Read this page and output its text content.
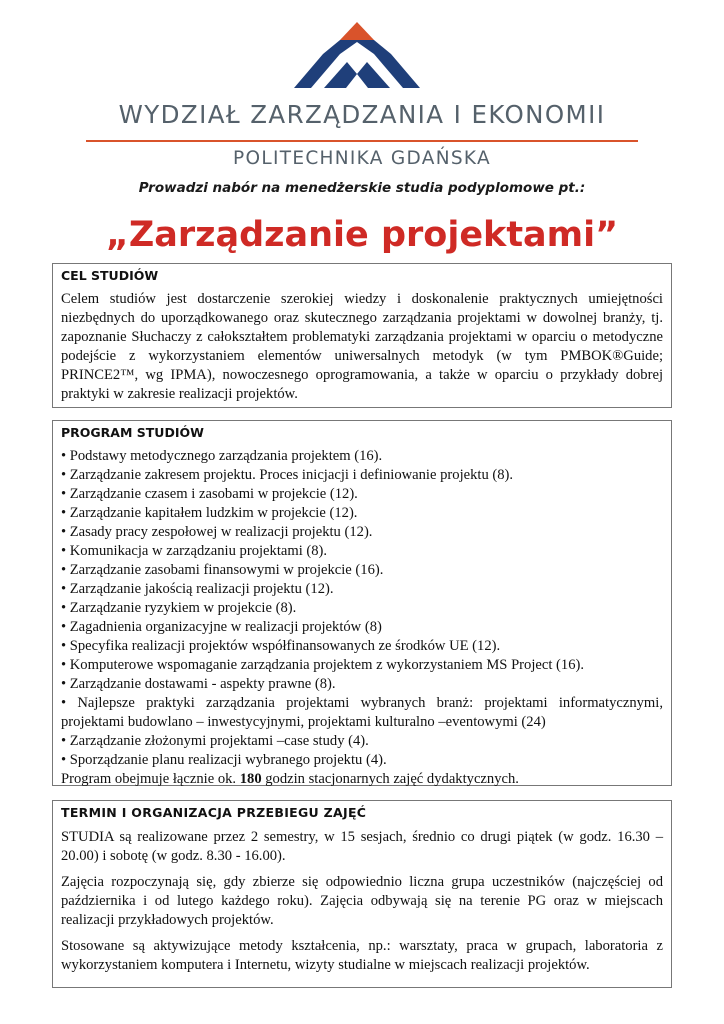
WYDZIAŁ ZARZĄDZANIA I EKONOMII
POLITECHNIKA GDAŃSKA
Prowadzi nabór na menedżerskie studia podyplomowe pt.:
„Zarządzanie projektami”
CEL STUDIÓW

Celem studiów jest dostarczenie szerokiej wiedzy i doskonalenie praktycznych umiejętności niezbędnych do uporządkowanego oraz skutecznego zarządzania projektami w dowolnej branży, tj. zapoznanie Słuchaczy z całokształtem problematyki zarządzania projektami w oparciu o metodyczne podejście z wykorzystaniem elementów uniwersalnych metodyk (w tym PMBOK®Guide; PRINCE2™, wg IPMA), nowoczesnego oprogramowania, a także w oparciu o przykłady dobrej praktyki w zakresie realizacji projektów.

PROGRAM STUDIÓW
• Podstawy metodycznego zarządzania projektem (16).
• Zarządzanie zakresem projektu. Proces inicjacji i definiowanie projektu (8).
• Zarządzanie czasem i zasobami w projekcie (12).
• Zarządzanie kapitałem ludzkim w projekcie (12).
• Zasady pracy zespołowej w realizacji projektu (12).
• Komunikacja w zarządzaniu projektami (8).
• Zarządzanie zasobami finansowymi w projekcie (16).
• Zarządzanie jakością realizacji projektu (12).
• Zarządzanie ryzykiem w projekcie (8).
• Zagadnienia organizacyjne w realizacji projektów (8)
• Specyfika realizacji projektów współfinansowanych ze środków UE (12).
• Komputerowe wspomaganie zarządzania projektem z wykorzystaniem MS Project (16).
• Zarządzanie dostawami - aspekty prawne (8).
• Najlepsze praktyki zarządzania projektami wybranych branż: projektami informatycznymi, projektami budowlano – inwestycyjnymi, projektami kulturalno –eventowymi (24)
• Zarządzanie złożonymi projektami –case study (4).
• Sporządzanie planu realizacji wybranego projektu (4).

Program obejmuje łącznie ok. 180 godzin stacjonarnych zajęć dydaktycznych.

TERMIN I ORGANIZACJA PRZEBIEGU ZAJĘĆ

STUDIA są realizowane przez 2 semestry, w 15 sesjach, średnio co drugi piątek (w godz. 16.30 – 20.00) i sobotę (w godz. 8.30 - 16.00).

Zajęcia rozpoczynają się, gdy zbierze się odpowiednio liczna grupa uczestników (najczęściej od października i od lutego każdego roku). Zajęcia odbywają się na terenie PG oraz w miejscach realizacji przykładowych projektów.

Stosowane są aktywizujące metody kształcenia, np.: warsztaty, praca w grupach, laboratoria z wykorzystaniem komputera i Internetu, wizyty studialne w miejscach realizacji projektów.
